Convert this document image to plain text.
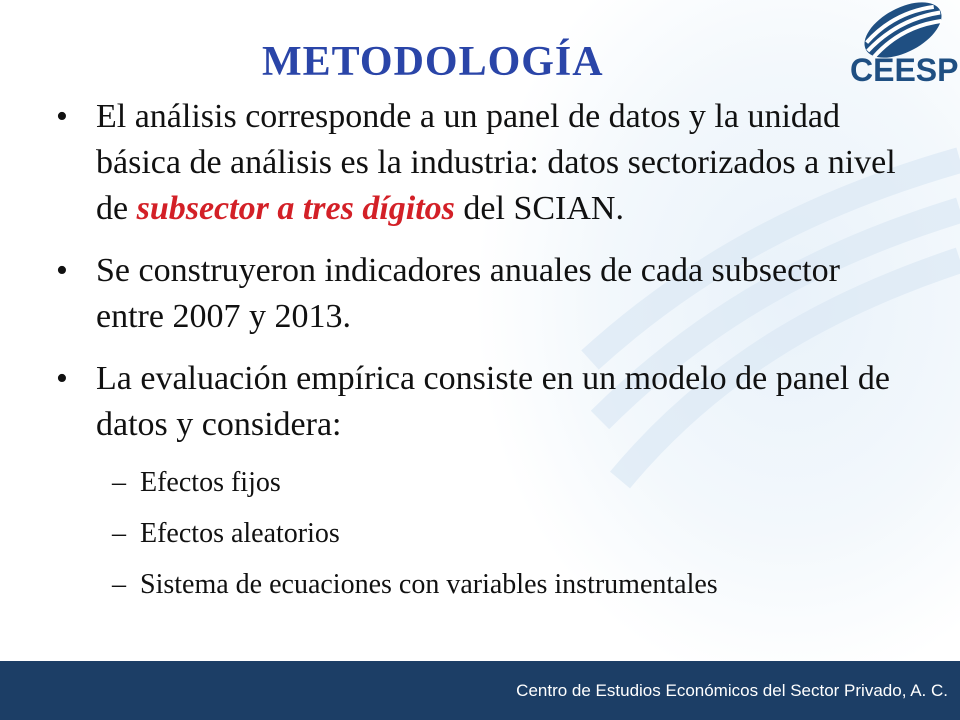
METODOLOGÍA	CEESP
• El análisis corresponde a un panel de datos y la unidad básica de análisis es la industria: datos sectorizados a nivel de subsector a tres dígitos del SCIAN.
• Se construyeron indicadores anuales de cada subsector entre 2007 y 2013.
• La evaluación empírica consiste en un modelo de panel de datos y considera:
– Efectos fijos
– Efectos aleatorios
– Sistema de ecuaciones con variables instrumentales
Centro de Estudios Económicos del Sector Privado, A. C.
